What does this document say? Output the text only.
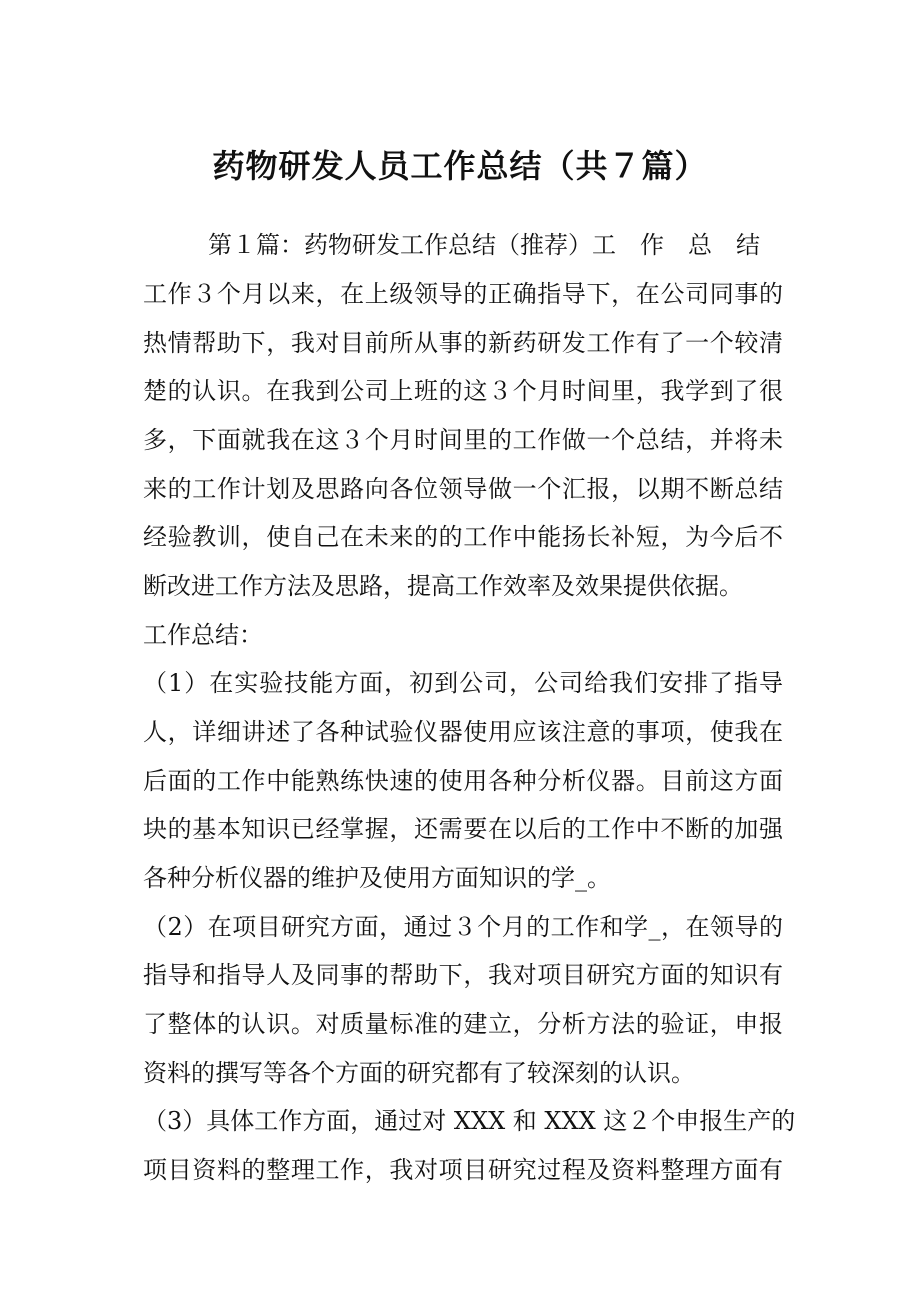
药物研发人员工作总结（共７篇）

第１篇：药物研发工作总结（推荐）工　作　总　结

工作３个月以来，在上级领导的正确指导下，在公司同事的

热情帮助下，我对目前所从事的新药研发工作有了一个较清

楚的认识。在我到公司上班的这３个月时间里，我学到了很

多，下面就我在这３个月时间里的工作做一个总结，并将未

来的工作计划及思路向各位领导做一个汇报，以期不断总结

经验教训，使自己在未来的的工作中能扬长补短，为今后不

断改进工作方法及思路，提高工作效率及效果提供依据。

工作总结：

（1）在实验技能方面，初到公司，公司给我们安排了指导

人，详细讲述了各种试验仪器使用应该注意的事项，使我在

后面的工作中能熟练快速的使用各种分析仪器。目前这方面

块的基本知识已经掌握，还需要在以后的工作中不断的加强

各种分析仪器的维护及使用方面知识的学_。

（2）在项目研究方面，通过３个月的工作和学_，在领导的

指导和指导人及同事的帮助下，我对项目研究方面的知识有

了整体的认识。对质量标准的建立，分析方法的验证，申报

资料的撰写等各个方面的研究都有了较深刻的认识。

（3）具体工作方面，通过对 XXX 和 XXX 这２个申报生产的

项目资料的整理工作，我对项目研究过程及资料整理方面有
